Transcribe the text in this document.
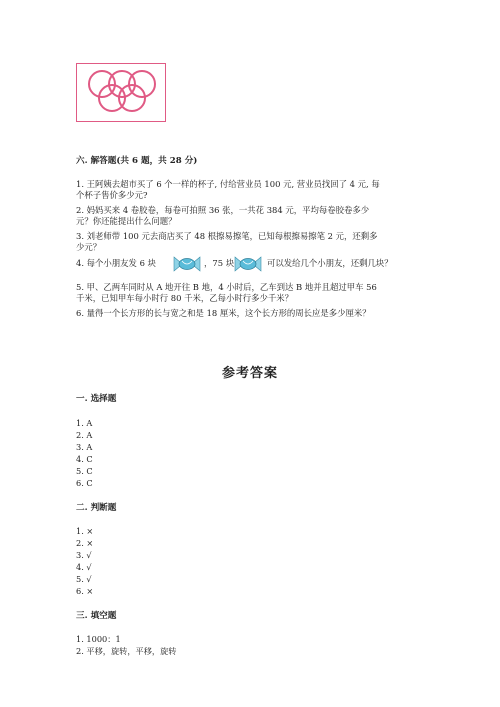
六. 解答题(共 6 题，共 28 分)
1. 王阿姨去超市买了 6 个一样的杯子, 付给营业员 100 元, 营业员找回了 4 元, 每
个杯子售价多少元?
2. 妈妈买来 4 卷胶卷，每卷可拍照 36 张，一共花 384 元，平均每卷胶卷多少
元？你还能提出什么问题？
3. 刘老师带 100 元去商店买了 48 根擦易擦笔，已知每根擦易擦笔 2 元，还剩多
少元？
4. 每个小朋友发 6 块	，75 块	可以发给几个小朋友，还剩几块？
5. 甲、乙两车同时从 A 地开往 B 地，4 小时后，乙车到达 B 地并且超过甲车 56
千米，已知甲车每小时行 80 千米，乙每小时行多少千米？
6. 量得一个长方形的长与宽之和是 18 厘米，这个长方形的周长应是多少厘米？
参考答案
一. 选择题
1. A
2. A
3. A
4. C
5. C
6. C
二. 判断题
1. ×
2. ×
3. √
4. √
5. √
6. ×
三. 填空题
1. 1000：1
2. 平移，旋转，平移，旋转
